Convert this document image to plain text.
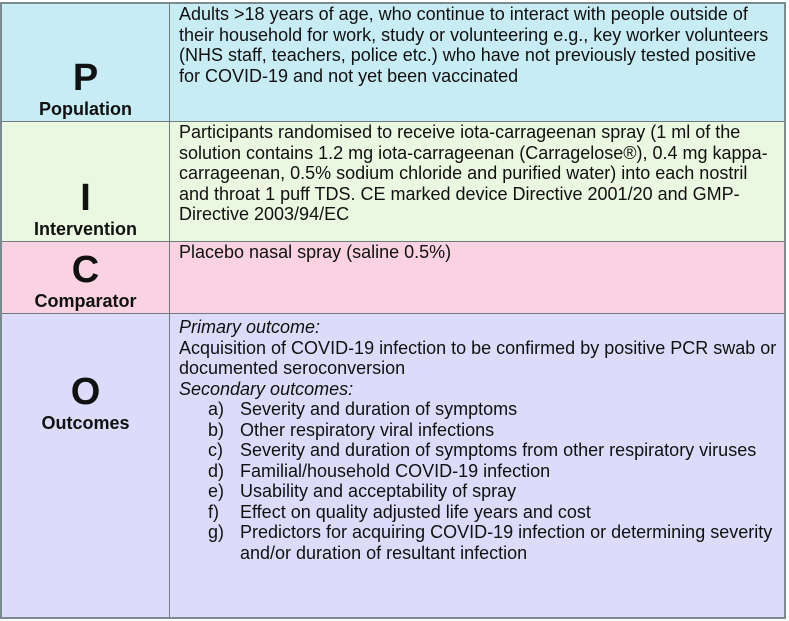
P
Population
Adults >18 years of age, who continue to interact with people outside of their household for work, study or volunteering e.g., key worker volunteers (NHS staff, teachers, police etc.) who have not previously tested positive for COVID-19 and not yet been vaccinated
I
Intervention
Participants randomised to receive iota-carrageenan spray (1 ml of the solution contains 1.2 mg iota-carrageenan (Carragelose®), 0.4 mg kappa-carrageenan, 0.5% sodium chloride and purified water) into each nostril and throat 1 puff TDS. CE marked device Directive 2001/20 and GMP-Directive 2003/94/EC
C
Comparator
Placebo nasal spray (saline 0.5%)
O
Outcomes
Primary outcome:
Acquisition of COVID-19 infection to be confirmed by positive PCR swab or documented seroconversion
Secondary outcomes:
a) Severity and duration of symptoms
b) Other respiratory viral infections
c) Severity and duration of symptoms from other respiratory viruses
d) Familial/household COVID-19 infection
e) Usability and acceptability of spray
f)	Effect on quality adjusted life years and cost
g) Predictors for acquiring COVID-19 infection or determining severity and/or duration of resultant infection
